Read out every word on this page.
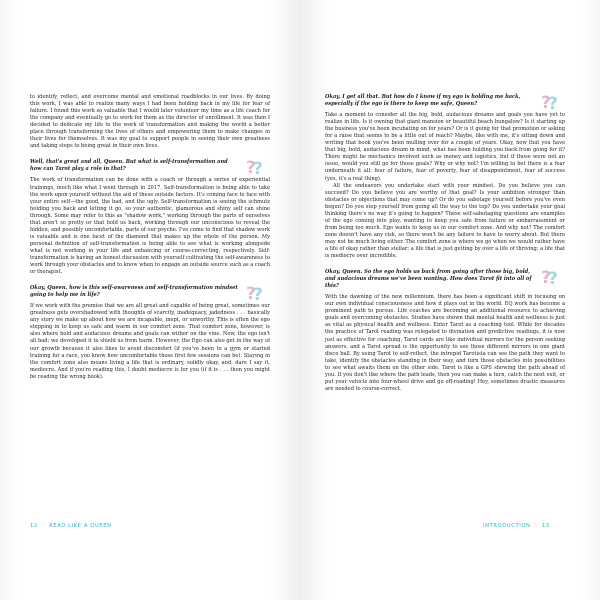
to identify, reflect, and overcome mental and emotional roadblocks in our lives. By doing this work, I was able to realize many ways I had been holding back in my life for fear of failure. I found this work so valuable that I would later volunteer my time as a life coach for the company and eventually go to work for them as the director of enrollment. It was then I decided to dedicate my life to the work of transformation and making the world a better place through transforming the lives of others and empowering them to make changes in their lives for themselves. It was my goal to support people in seeing their own greatness and taking steps to being great in their own lives.

Well, that's great and all, Queen. But what is self-transformation and how can Tarot play a role in that?

The work of transformation can be done with a coach or through a series of experiential trainings, much like what I went through in 2017. Self-transformation is being able to take the work upon yourself without the aid of these outside factors. It's coming face to face with your entire self—the good, the bad, and the ugly. Self-transformation is seeing the schmutz holding you back and letting it go, so your authentic, glamorous and shiny self can shine through. Some may refer to this as "shadow work," working through the parts of ourselves that aren't so pretty or that hold us back, working through our unconscious to reveal the hidden, and possibly uncomfortable, parts of our psyche. I've come to find that shadow work is valuable and is one facet of the diamond that makes up the whole of the person. My personal definition of self-transformation is being able to see what is working alongside what is not working in your life and enhancing or course-correcting, respectively. Self-transformation is having an honest discussion with yourself cultivating the self-awareness to work through your obstacles and to know when to engage an outside source such as a coach or therapist.

Okay, Queen, how is this self-awareness and self-transformation mindset going to help me in life?

If we work with the premise that we are all great and capable of being great, sometimes our greatness gets overshadowed with thoughts of scarcity, inadequacy, jadedness . . . basically any story we make up about how we are incapable, inept, or unworthy. This is often the ego stepping in to keep us safe and warm in our comfort zone. That comfort zone, however, is also where bold and audacious dreams and goals can wither on the vine. Now, the ego isn't all bad; we developed it to shield us from harm. However, the Ego can also get in the way of our growth because it also likes to avoid discomfort (if you've been to a gym or started training for a race, you know how uncomfortable those first few sessions can be). Staying in the comfort zone also means living a life that is ordinary, solidly okay, and, dare I say it, mediocre. And if you're reading this, I doubt mediocre is for you (if it is . . . then you might be reading the wrong book).

Okay, I get all that. But how do I know if my ego is holding me back, especially if the ego is there to keep me safe, Queen?

Take a moment to consider all the big, bold, audacious dreams and goals you have yet to realize in life. Is it owning that giant mansion or beautiful beach bungalow? Is it starting up the business you've been incubating on for years? Or is it going for that promotion or asking for a raise that seems to be a little out of reach? Maybe, like with me, it's sitting down and writing that book you've been mulling over for a couple of years. Okay, now that you have that big, bold, audacious dream in mind, what has been holding you back from going for it? There might be mechanics involved such as money and logistics, but if those were not an issue, would you still go for those goals? Why or why not? I'm willing to bet there is a fear underneath it all: fear of failure, fear of poverty, fear of disappointment, fear of success (yes, it's a real thing).

All the endeavors you undertake start with your mindset. Do you believe you can succeed? Do you believe you are worthy of that goal? Is your ambition stronger than obstacles or objections that may come up? Or do you sabotage yourself before you've even begun? Do you stop yourself from going all the way to the top? Do you undertake your goal thinking there's no way it's going to happen? These self-sabotaging questions are examples of the ego coming into play, wanting to keep you safe from failure or embarrassment or from being too much. Ego wants to keep us in our comfort zone. And why not? The comfort zone doesn't have any risk, so there won't be any failure to have to worry about. But there may not be much living either. The comfort zone is where we go when we would rather have a life of okay rather than stellar; a life that is just getting by over a life of thriving; a life that is mediocre over incredible.

Okay, Queen. So the ego holds us back from going after those big, bold, and audacious dreams we've been wanting. How does Tarot fit into all of this?

With the dawning of the new millennium, there has been a significant shift in focusing on our own individual consciousness and how it plays out in the world. EQ work has become a prominent path to pursue. Life coaches are becoming an additional resource to achieving goals and overcoming obstacles. Studies have shown that mental health and wellness is just as vital as physical health and wellness. Enter Tarot as a coaching tool. While for decades the practice of Tarot reading was relegated to divination and predictive readings, it is now just as effective for coaching. Tarot cards are like individual mirrors for the person seeking answers, and a Tarot spread is the opportunity to see those different mirrors in one giant disco ball. By using Tarot to self-reflect, the intrepid Tarotista can see the path they want to take, identify the obstacles standing in their way, and turn those obstacles into possibilities to see what awaits them on the other side. Tarot is like a GPS showing the path ahead of you. If you don't like where the path leads, then you can make a turn, catch the next exit, or put your vehicle into four-wheel drive and go off-roading! Hey, sometimes drastic measures are needed to course-correct.

12 ♡ READ LIKE A QUEEN	INTRODUCTION ♡ 13
